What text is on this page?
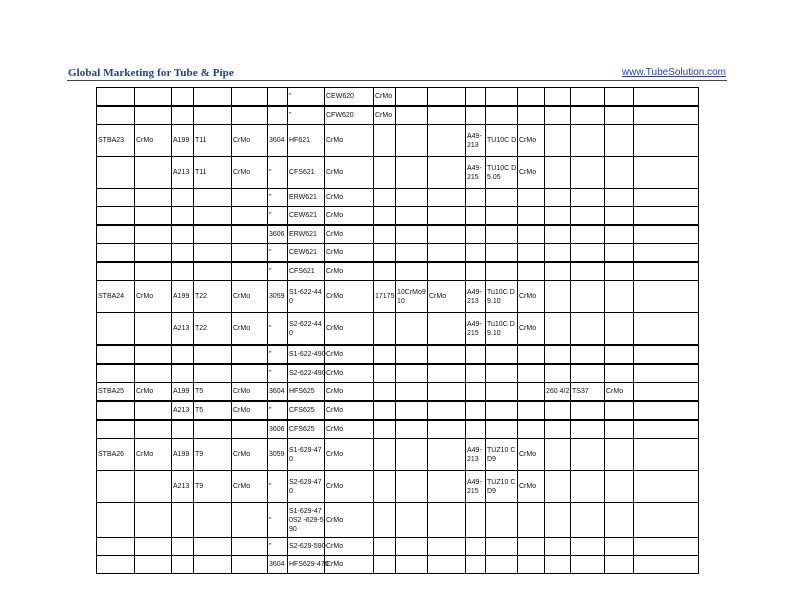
Global Marketing for Tube & Pipe	www.TubeSolution.com
						"	CEW620	CrMo									
						"	CFW620	CrMo									
STBA23	CrMo	A199	T11	CrMo	3604	HF621	CrMo				A49-213	TU10C D	CrMo				
		A213	T11	CrMo	"	CFS621	CrMo				A49-215	TU10C D5.05	CrMo				
					"	ERW621	CrMo										
					"	CEW621	CrMo										
					3606	ERW621	CrMo										
					"	CEW621	CrMo										
					"	CFS621	CrMo										
STBA24	CrMo	A199	T22	CrMo	3059	S1-622-440	CrMo	17175	10CrMo910	CrMo	A49-213	Tu10C D9.10	CrMo				
		A213	T22	CrMo	"	S2-622-440	CrMo				A49-215	Tu10C D9.10	CrMo				
					"	S1-622-490	CrMo										
					"	S2-622-490	CrMo										
STBA25	CrMo	A199	T5	CrMo	3604	HFS625	CrMo							260 4/2	TS37	CrMo	
		A213	T5	CrMo	"	CFS625	CrMo										
					3606	CFS625	CrMo										
STBA26	CrMo	A199	T9	CrMo	3059	S1-629-470	CrMo				A49-213	TUZ10 CD9	CrMo				
		A213	T9	CrMo	"	S2-629-470	CrMo				A49-215	TUZ10 CD9	CrMo				
					"	S1-629-470S2 -629-590	CrMo										
					"	S2-629-590	CrMo										
					3604	HFS629-470	CrMo										
